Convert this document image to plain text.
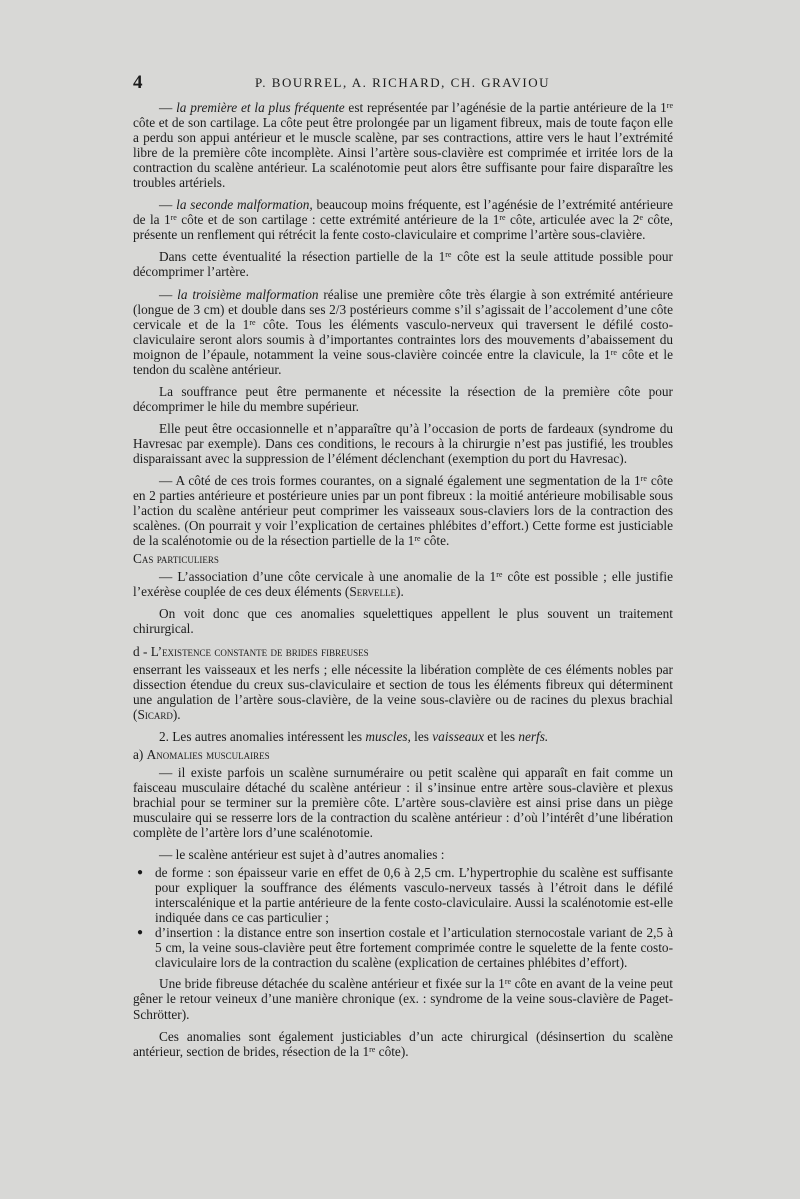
4	P. BOURREL, A. RICHARD, CH. GRAVIOU

— la première et la plus fréquente est représentée par l’agénésie de la partie antérieure de la 1re côte et de son cartilage. La côte peut être prolongée par un ligament fibreux, mais de toute façon elle a perdu son appui antérieur et le muscle scalène, par ses contractions, attire vers le haut l’extrémité libre de la première côte incomplète. Ainsi l’artère sous-clavière est comprimée et irritée lors de la contraction du scalène antérieur. La scalénotomie peut alors être suffisante pour faire disparaître les troubles artériels.

— la seconde malformation, beaucoup moins fréquente, est l’agénésie de l’extrémité antérieure de la 1re côte et de son cartilage : cette extrémité antérieure de la 1re côte, articulée avec la 2e côte, présente un renflement qui rétrécit la fente costo-claviculaire et comprime l’artère sous-clavière.

Dans cette éventualité la résection partielle de la 1re côte est la seule attitude possible pour décomprimer l’artère.

— la troisième malformation réalise une première côte très élargie à son extrémité antérieure (longue de 3 cm) et double dans ses 2/3 postérieurs comme s’il s’agissait de l’accolement d’une côte cervicale et de la 1re côte. Tous les éléments vasculo-nerveux qui traversent le défilé costo-claviculaire seront alors soumis à d’importantes contraintes lors des mouvements d’abaissement du moignon de l’épaule, notamment la veine sous-clavière coincée entre la clavicule, la 1re côte et le tendon du scalène antérieur.

La souffrance peut être permanente et nécessite la résection de la première côte pour décomprimer le hile du membre supérieur.

Elle peut être occasionnelle et n’apparaître qu’à l’occasion de ports de fardeaux (syndrome du Havresac par exemple). Dans ces conditions, le recours à la chirurgie n’est pas justifié, les troubles disparaissant avec la suppression de l’élément déclenchant (exemption du port du Havresac).

— A côté de ces trois formes courantes, on a signalé également une segmentation de la 1re côte en 2 parties antérieure et postérieure unies par un pont fibreux : la moitié antérieure mobilisable sous l’action du scalène antérieur peut comprimer les vaisseaux sous-claviers lors de la contraction des scalènes. (On pourrait y voir l’explication de certaines phlébites d’effort.) Cette forme est justiciable de la scalénotomie ou de la résection partielle de la 1re côte.

Cas particuliers

— L’association d’une côte cervicale à une anomalie de la 1re côte est possible ; elle justifie l’exérèse couplée de ces deux éléments (Servelle).

On voit donc que ces anomalies squelettiques appellent le plus souvent un traitement chirurgical.

d - L’existence constante de brides fibreuses

enserrant les vaisseaux et les nerfs ; elle nécessite la libération complète de ces éléments nobles par dissection étendue du creux sus-claviculaire et section de tous les éléments fibreux qui déterminent une angulation de l’artère sous-clavière, de la veine sous-clavière ou de racines du plexus brachial (Sicard).

2. Les autres anomalies intéressent les muscles, les vaisseaux et les nerfs.

a) Anomalies musculaires

— il existe parfois un scalène surnuméraire ou petit scalène qui apparaît en fait comme un faisceau musculaire détaché du scalène antérieur : il s’insinue entre artère sous-clavière et plexus brachial pour se terminer sur la première côte. L’artère sous-clavière est ainsi prise dans un piège musculaire qui se resserre lors de la contraction du scalène antérieur : d’où l’intérêt d’une libération complète de l’artère lors d’une scalénotomie.

— le scalène antérieur est sujet à d’autres anomalies :

● de forme : son épaisseur varie en effet de 0,6 à 2,5 cm. L’hypertrophie du scalène est suffisante pour expliquer la souffrance des éléments vasculo-nerveux tassés à l’étroit dans le défilé interscalénique et la partie antérieure de la fente costo-claviculaire. Aussi la scalénotomie est-elle indiquée dans ce cas particulier ;
● d’insertion : la distance entre son insertion costale et l’articulation sternocostale variant de 2,5 à 5 cm, la veine sous-clavière peut être fortement comprimée contre le squelette de la fente costo-claviculaire lors de la contraction du scalène (explication de certaines phlébites d’effort).

Une bride fibreuse détachée du scalène antérieur et fixée sur la 1re côte en avant de la veine peut gêner le retour veineux d’une manière chronique (ex. : syndrome de la veine sous-clavière de Paget-Schrötter).

Ces anomalies sont également justiciables d’un acte chirurgical (désinsertion du scalène antérieur, section de brides, résection de la 1re côte).
